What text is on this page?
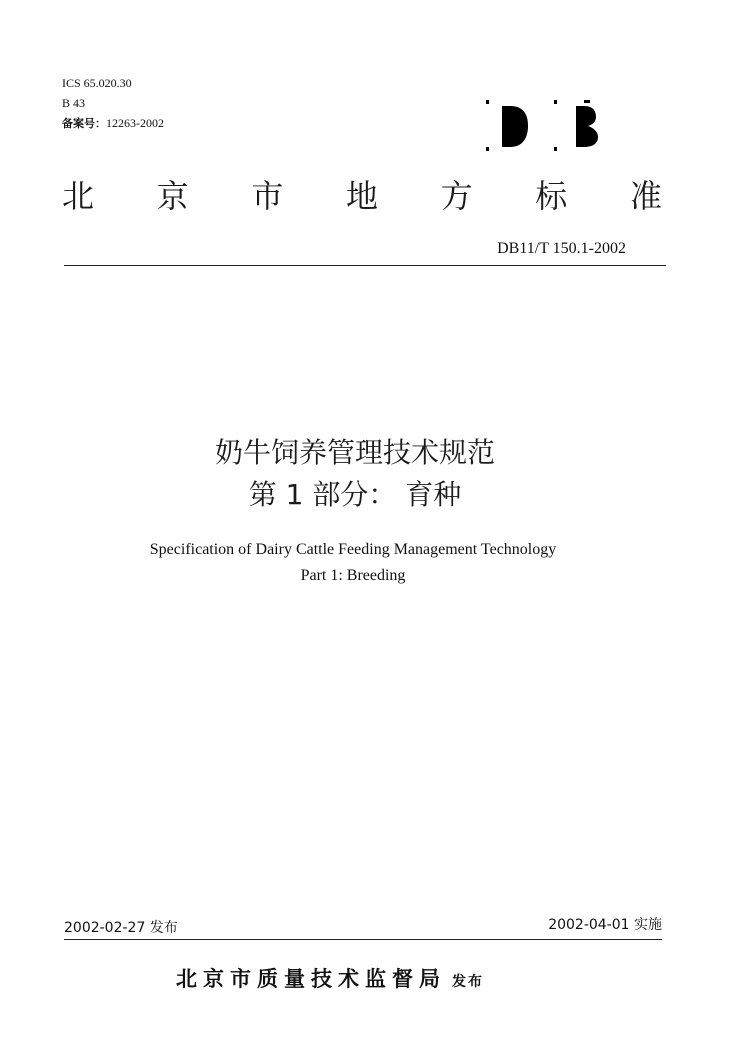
ICS 65.020.30
B 43
备案号：12263-2002
北 京 市 地 方 标 准
DB11/T 150.1-2002
奶牛饲养管理技术规范
第 1 部分： 育种
Specification of Dairy Cattle Feeding Management Technology
Part 1: Breeding
2002-02-27 发布	2002-04-01 实施
北京市质量技术监督局 发布
